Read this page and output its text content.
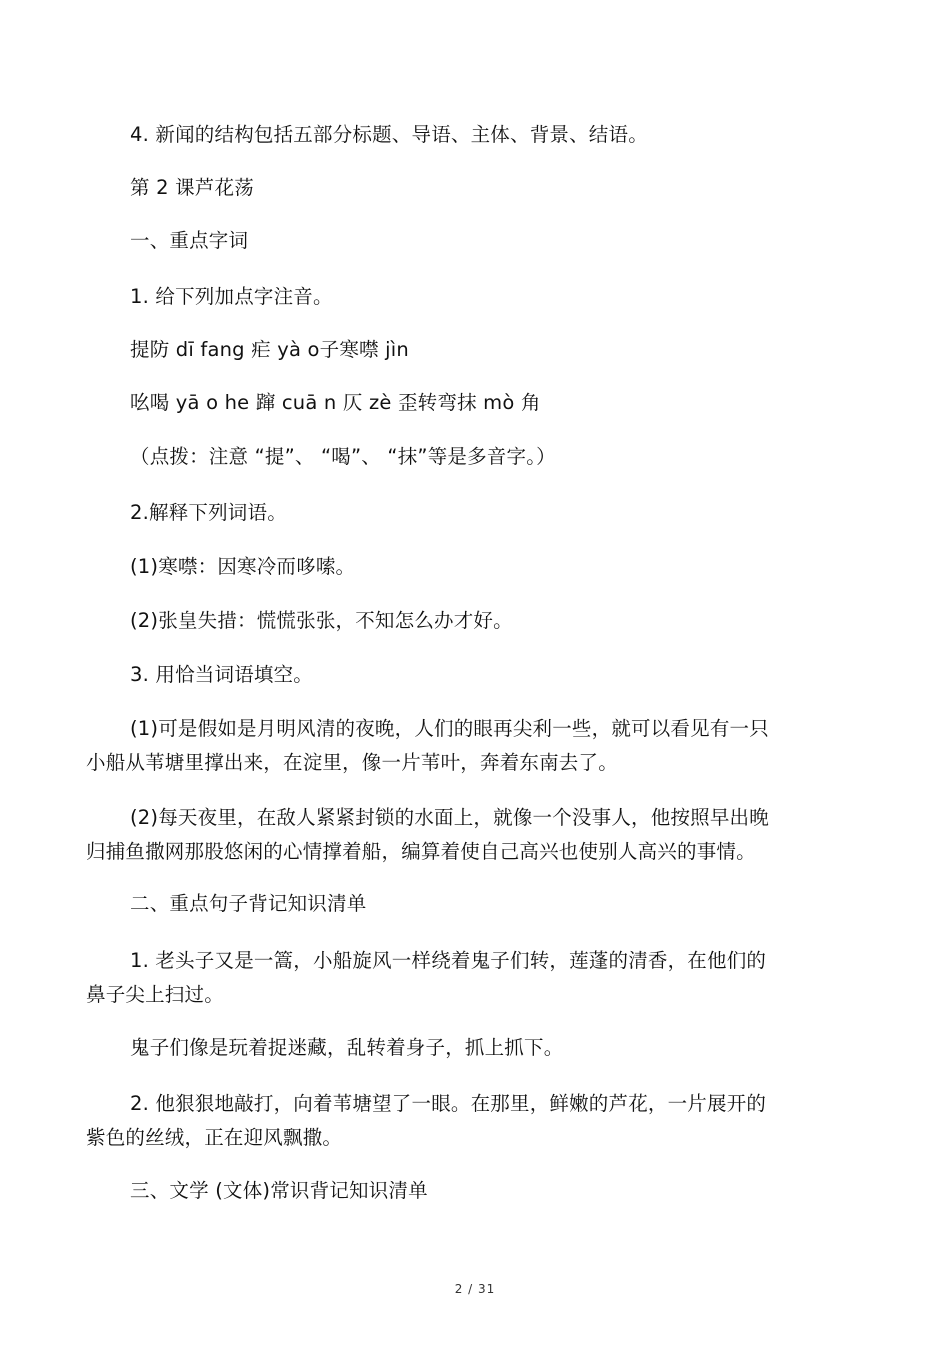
4. 新闻的结构包括五部分标题、导语、主体、背景、结语。
第 2 课芦花荡
一、重点字词
1. 给下列加点字注音。
提防 dī fang 疟 yà o子寒噤 jìn
吆喝 yā o he 蹿 cuā n 仄 zè 歪转弯抹 mò 角
（点拨：注意 “提”、 “喝”、 “抹”等是多音字。）
2.解释下列词语。
(1)寒噤：因寒冷而哆嗦。
(2)张皇失措：慌慌张张，不知怎么办才好。
3. 用恰当词语填空。
(1)可是假如是月明风清的夜晚，人们的眼再尖利一些，就可以看见有一只
小船从苇塘里撑出来，在淀里，像一片苇叶，奔着东南去了。
(2)每天夜里，在敌人紧紧封锁的水面上，就像一个没事人，他按照早出晚
归捕鱼撒网那股悠闲的心情撑着船，编算着使自己高兴也使别人高兴的事情。
二、重点句子背记知识清单
1. 老头子又是一篙，小船旋风一样绕着鬼子们转，莲蓬的清香，在他们的
鼻子尖上扫过。
鬼子们像是玩着捉迷藏，乱转着身子，抓上抓下。
2. 他狠狠地敲打，向着苇塘望了一眼。在那里，鲜嫩的芦花，一片展开的
紫色的丝绒，正在迎风飘撒。
三、文学 (文体)常识背记知识清单
2 / 31
